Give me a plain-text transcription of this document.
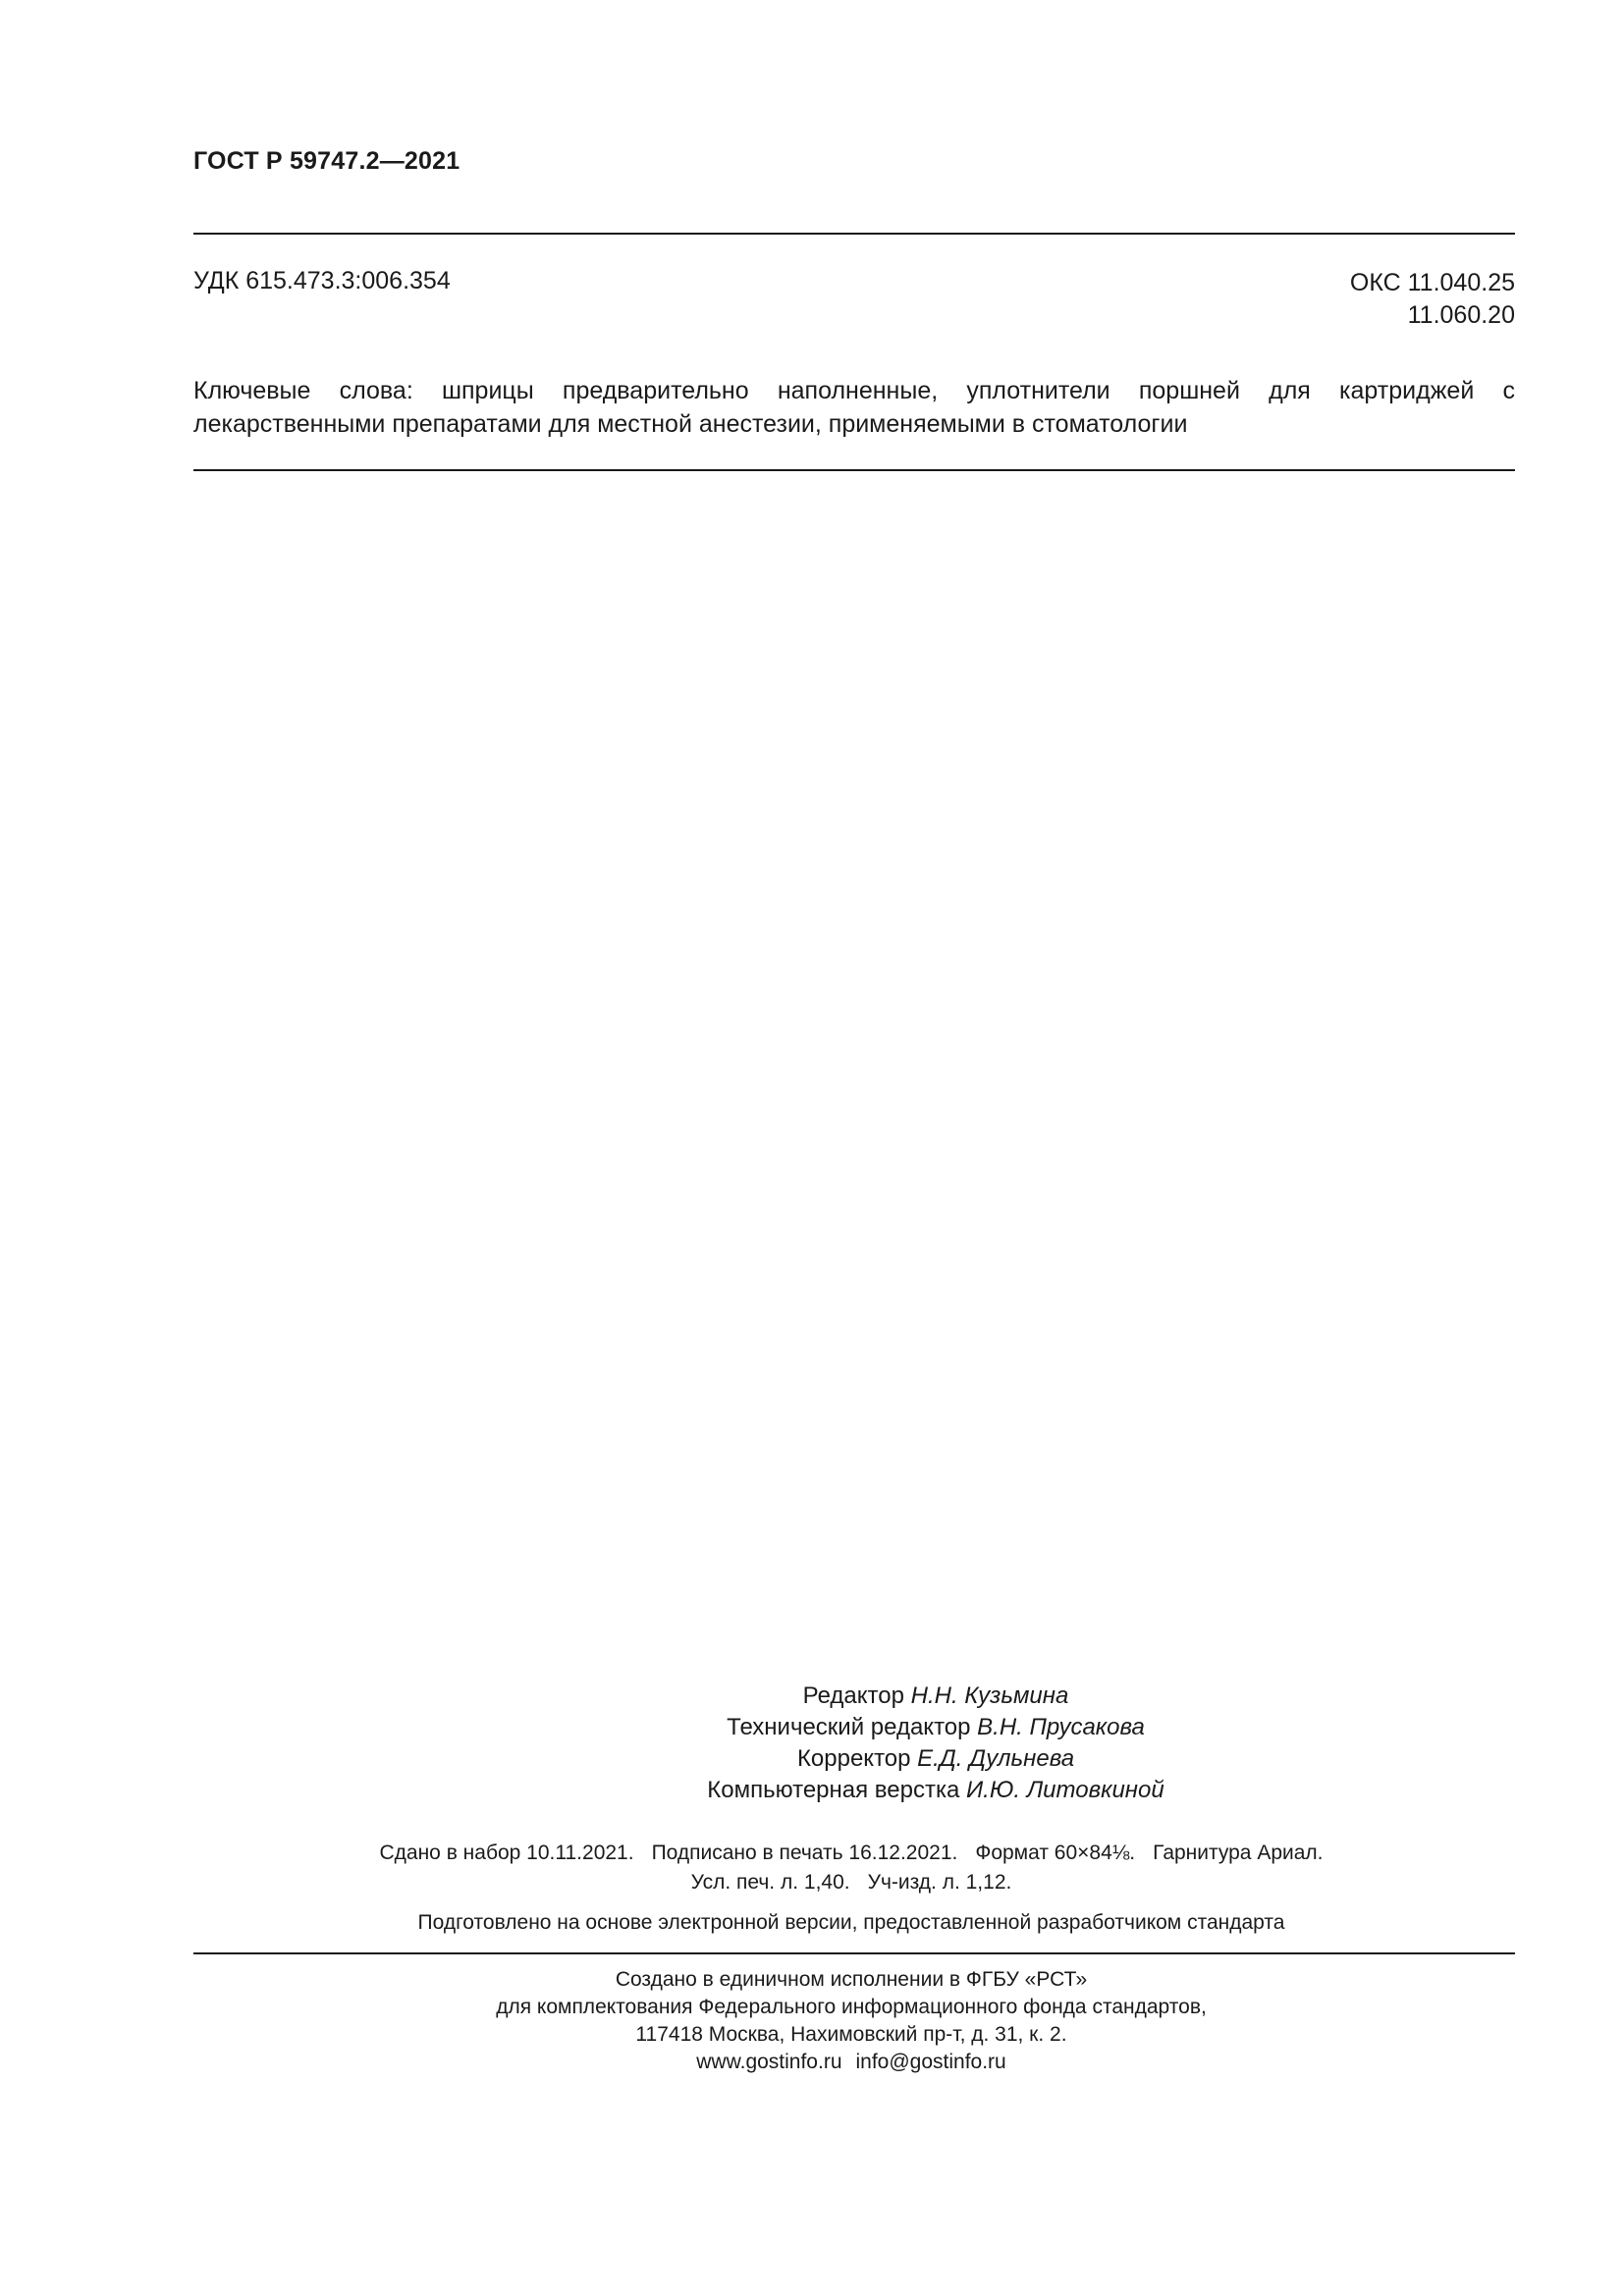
ГОСТ Р 59747.2—2021
УДК 615.473.3:006.354	ОКС 11.040.25
11.060.20
Ключевые слова: шприцы предварительно наполненные, уплотнители поршней для картриджей с лекарственными препаратами для местной анестезии, применяемыми в стоматологии
Редактор Н.Н. Кузьмина
Технический редактор В.Н. Прусакова
Корректор Е.Д. Дульнева
Компьютерная верстка И.Ю. Литовкиной
Сдано в набор 10.11.2021. Подписано в печать 16.12.2021. Формат 60×84⅛. Гарнитура Ариал.
Усл. печ. л. 1,40. Уч-изд. л. 1,12.
Подготовлено на основе электронной версии, предоставленной разработчиком стандарта
Создано в единичном исполнении в ФГБУ «РСТ»
для комплектования Федерального информационного фонда стандартов,
117418 Москва, Нахимовский пр-т, д. 31, к. 2.
www.gostinfo.ru info@gostinfo.ru
